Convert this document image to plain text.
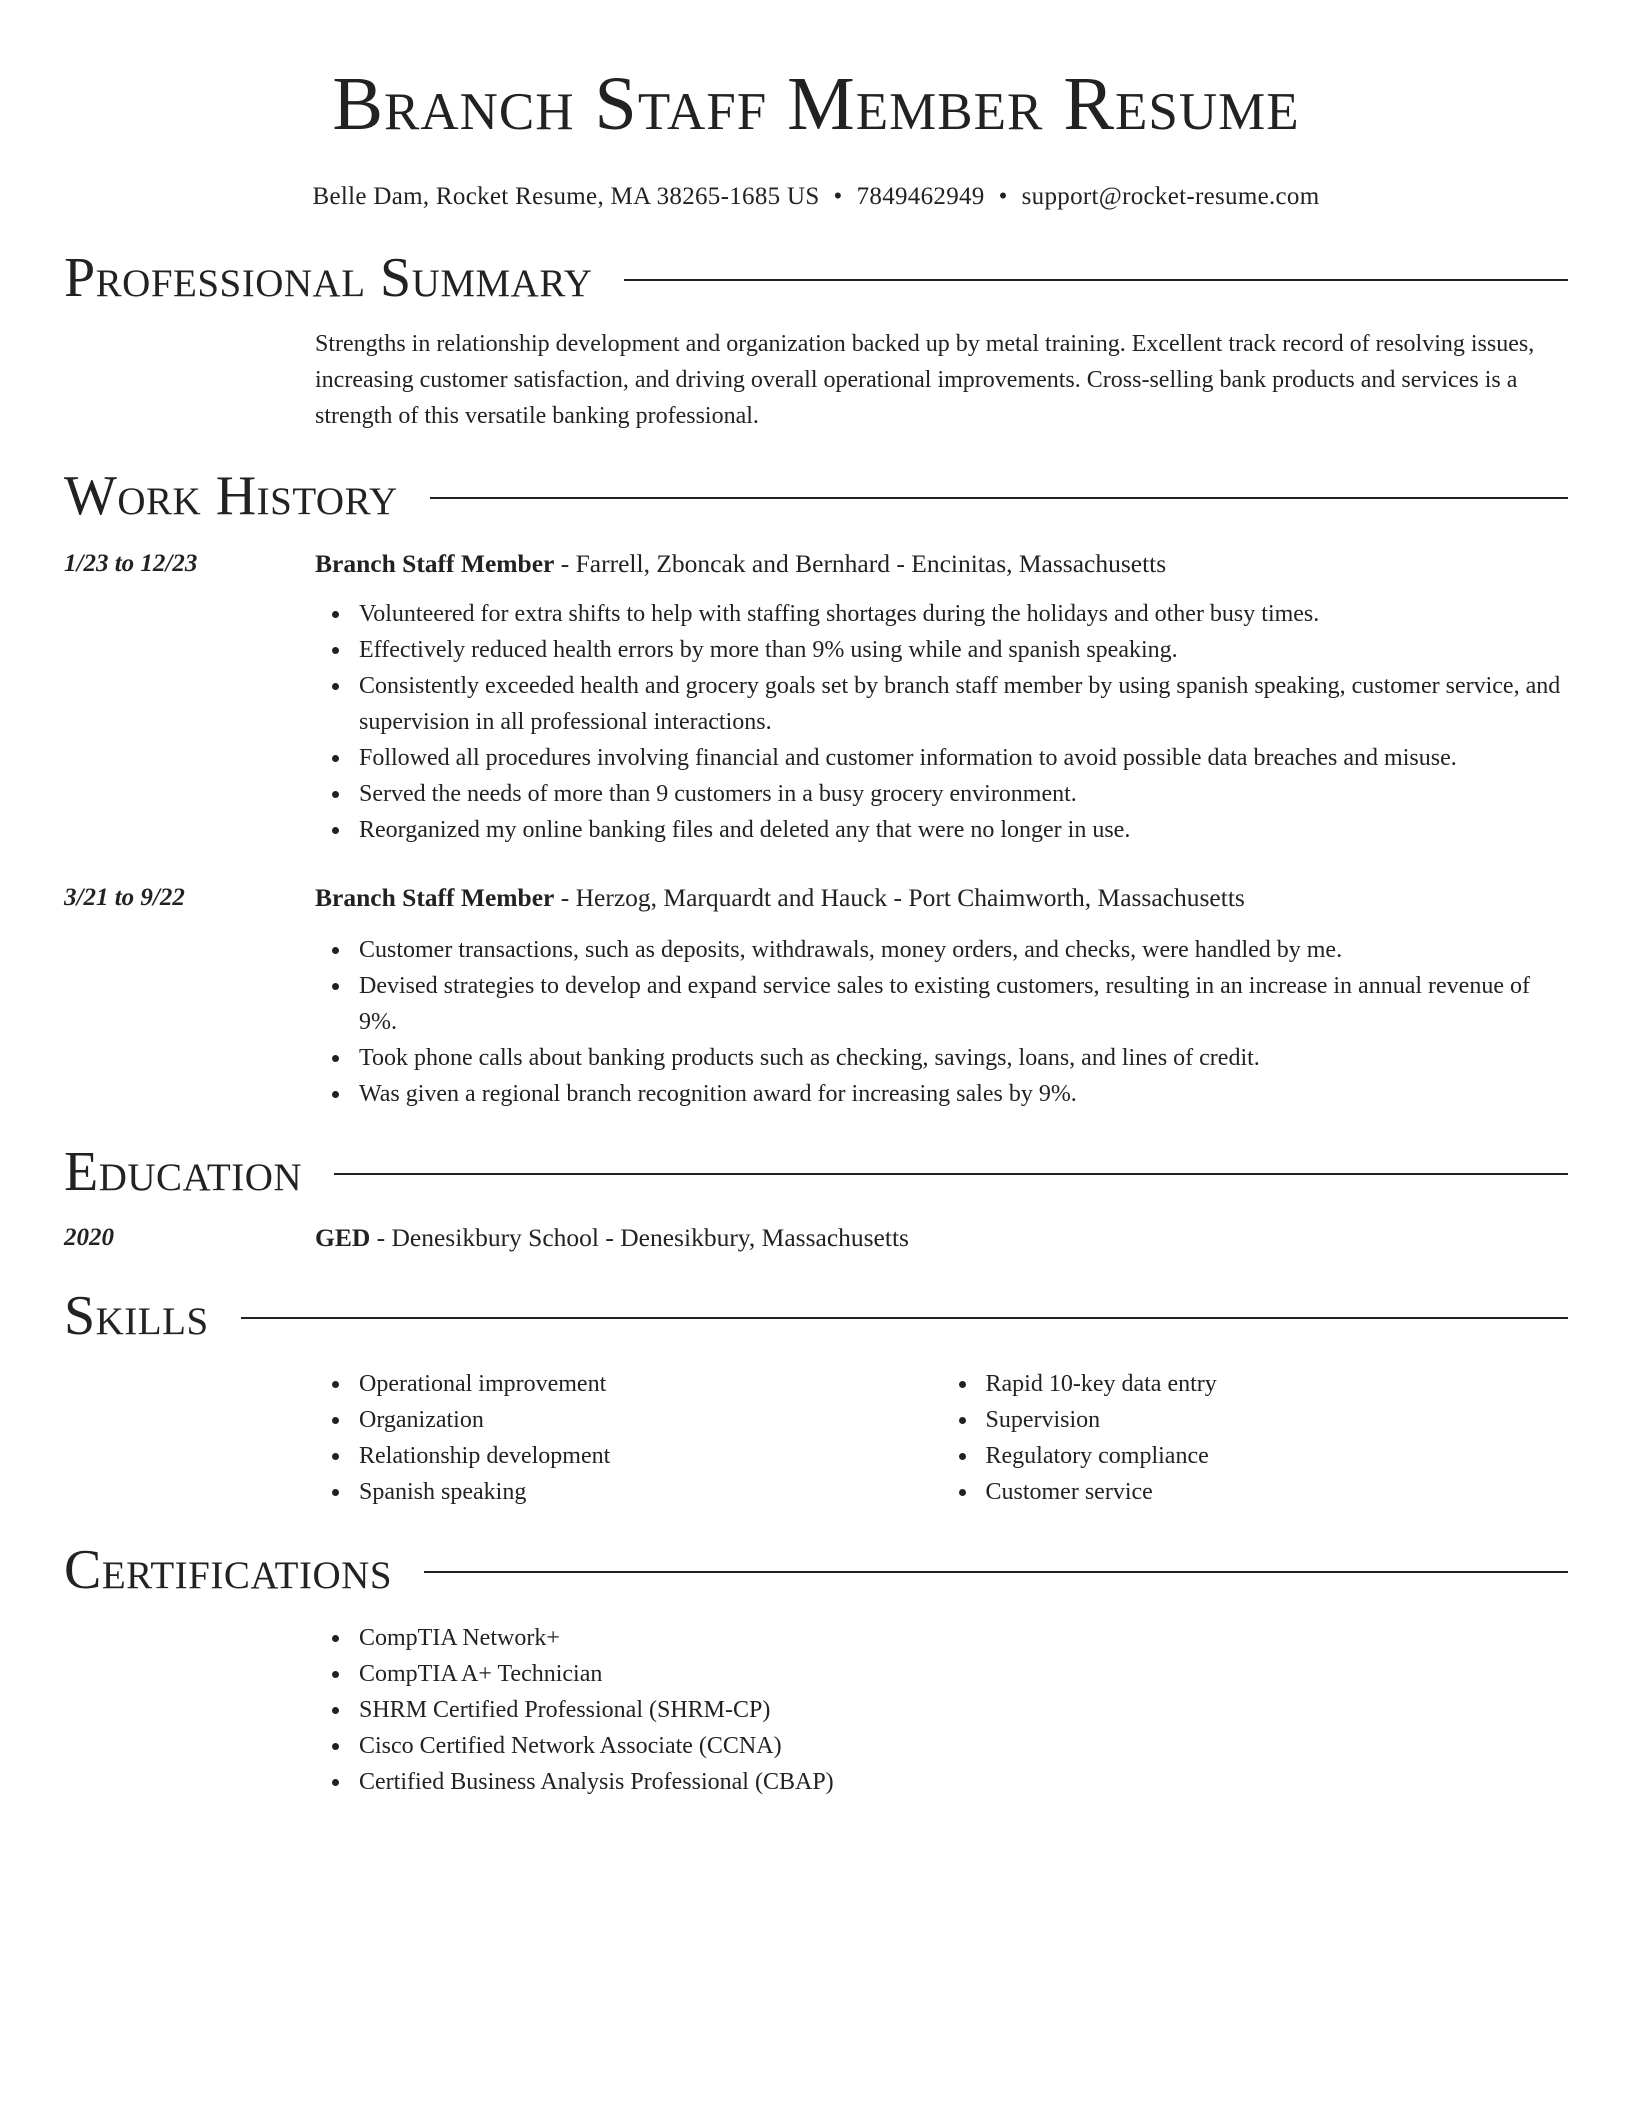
Branch Staff Member Resume
Belle Dam, Rocket Resume, MA 38265-1685 US • 7849462949 • support@rocket-resume.com
Professional Summary
Strengths in relationship development and organization backed up by metal training. Excellent track record of resolving issues, increasing customer satisfaction, and driving overall operational improvements. Cross-selling bank products and services is a strength of this versatile banking professional.
Work History
1/23 to 12/23	Branch Staff Member - Farrell, Zboncak and Bernhard - Encinitas, Massachusetts
Volunteered for extra shifts to help with staffing shortages during the holidays and other busy times.
Effectively reduced health errors by more than 9% using while and spanish speaking.
Consistently exceeded health and grocery goals set by branch staff member by using spanish speaking, customer service, and supervision in all professional interactions.
Followed all procedures involving financial and customer information to avoid possible data breaches and misuse.
Served the needs of more than 9 customers in a busy grocery environment.
Reorganized my online banking files and deleted any that were no longer in use.
3/21 to 9/22	Branch Staff Member - Herzog, Marquardt and Hauck - Port Chaimworth, Massachusetts
Customer transactions, such as deposits, withdrawals, money orders, and checks, were handled by me.
Devised strategies to develop and expand service sales to existing customers, resulting in an increase in annual revenue of 9%.
Took phone calls about banking products such as checking, savings, loans, and lines of credit.
Was given a regional branch recognition award for increasing sales by 9%.
Education
2020	GED - Denesikbury School - Denesikbury, Massachusetts
Skills
Operational improvement
Organization
Relationship development
Spanish speaking
Rapid 10-key data entry
Supervision
Regulatory compliance
Customer service
Certifications
CompTIA Network+
CompTIA A+ Technician
SHRM Certified Professional (SHRM-CP)
Cisco Certified Network Associate (CCNA)
Certified Business Analysis Professional (CBAP)
